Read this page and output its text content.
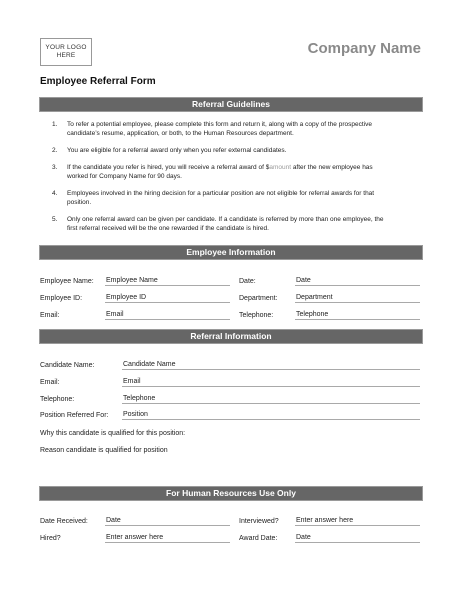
YOUR LOGO HERE	Company Name
Employee Referral Form
Referral Guidelines
1.	To refer a potential employee, please complete this form and return it, along with a copy of the prospective candidate’s resume, application, or both, to the Human Resources department.
2.	You are eligible for a referral award only when you refer external candidates.
3.	If the candidate you refer is hired, you will receive a referral award of $amount after the new employee has worked for Company Name for 90 days.
4.	Employees involved in the hiring decision for a particular position are not eligible for referral awards for that position.
5.	Only one referral award can be given per candidate. If a candidate is referred by more than one employee, the first referral received will be the one rewarded if the candidate is hired.
Employee Information
Employee Name: Employee Name	Date:	Date
Employee ID:	Employee ID	Department:	Department
Email:	Email	Telephone:	Telephone
Referral Information
Candidate Name:	Candidate Name
Email:	Email
Telephone:	Telephone
Position Referred For: Position
Why this candidate is qualified for this position:
Reason candidate is qualified for position
For Human Resources Use Only
Date Received:	Date	Interviewed? Enter answer here
Hired?	Enter answer here	Award Date:	Date
